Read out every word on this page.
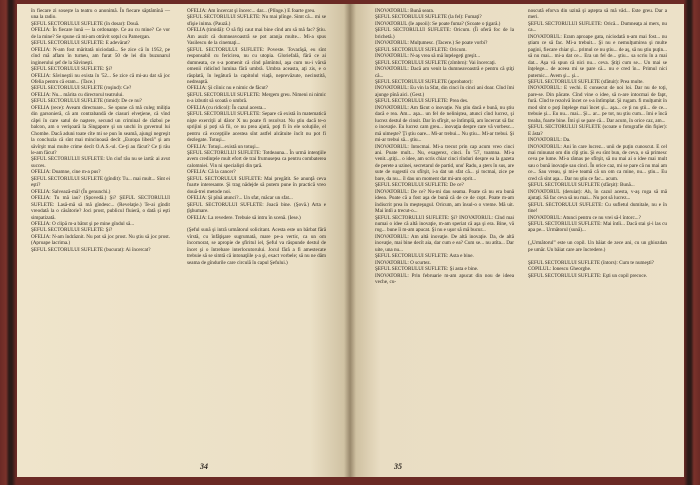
în fiecare zi soseşte la teatru o anonimă. În fiecare săptămînă — una la radio.
ŞEFUL SECTORULUI SUFLETE (în dosar): Două.
OFELIA: În fiecare lună — la ordonanţe. Ce au cu mine? Ce vor de la mine? Se spune că mi-am otrăvit soţul cu Pamergan.
ŞEFUL SECTORULUI SUFLETE: E adevărat?
OFELIA: N-am fost măritată niciodată... Se zice că în 1952, pe cînd mă aflam în turneu, am furat 50 de lei din buzunarul inginerului şef de la Săvineşti.
ŞEFUL SECTORULUI SUFLETE: Şi?
OFELIA: Săvineştii nu exista în '52... Se zice că mi-au dat să joc Ofelia pentru că eram... (Tace.)
ŞEFUL SECTORULUI SUFLETE (roşind): Ce?
OFELIA: Nu... mărita cu directorul teatrului.
ŞEFUL SECTORULUI SUFLETE (timid): De ce nu?
OFELIA (rece): Aveam directoare... Se spune că mă culeg miliția din garsonieră, că am contrabandă de ciasuri elveţiene, că vînd căţei în care satul de naştere, secund un criminal de război pe balcon, am o verişoară la Singapore şi un unchi în guvernul lui Chombe. Dacă aduni toate cîte mi se pun în seamă, ajungi negreşit la concluzia că sînt mai mincinoasă decît „Europa liberă” şi am săvîrşit mai multe crime decît O.A.S.-ul. Ce-ţi au făcut? Ce ţi rău le-am făcut?
ŞEFUL SECTORULUI SUFLETE: Un ciuf rău nu se iartă: ai avut succes.
OFELIA: Doamne, cine m-a pus?
ŞEFUL SECTORULUI SUFLETE (gîndit): Tu... mai mult... Sînt ei eşti?
OFELIA: Salvează-mă! (În genunchi.)
OFELIA: Tu mă iau? (Spovedă.) Şi? ŞEFUL SECTORULUI SUFLETE: Lasă-mă să mă gîndesc... (Revelaţie.) Te-ai gîndit vreodată la o căsătorie? Joci prost, publicul fluieră, o dată şi eşti simpatizată.
OFELIA: O clipă m-a bătut şi pe mine gîndul să...
ŞEFUL SECTORULUI SUFLETE: Şi?
OFELIA: N-am îndrăznit. Nu pot să joc prost. Nu ştiu să joc prost. (Aproape lacrima.)
ŞEFUL SECTORULUI SUFLETE (bucurat): Ai încercat?
OFELIA: Am încercat şi încerc... dar... (Plînge.) E foarte greu.
ŞEFUL SECTORULUI SUFLETE: Nu mai plînge. Simt că... mi se sfişie inima. (Pauză.)
OFELIA (timidă): O să fiţi caut mai bine cînd am să mă fac? Ştiu. Am auzit că dumneavoastră se pot aranja multe... Mi-a spus Vasilescu de la cinemaţi...
ŞEFUL SECTORULUI SUFLETE: Poveste. Tovarăşă, eu sînt responsabil cu fericirea, nu cu utopia. Gloriefală, fără ce ai dumneata, ce s-a pomenit că cînd pămîntul, aşa cum nu-i vărsă omenii ridicînd lumina fără umbră. Umbra aceasta, aţi zis, e o răsplată, în legătură la capitolul viaţă, neprevăzute, necinstită, nedreaptă.
OFELIA: Şi cîinic nu e nimic de făcut?
ŞEFUL SECTORULUI SUFLETE: Mergem greu. Nimeni ni nimic n-a izbutit să scoată o umbră.
OFELIA (cu ridicol): În cazul acesta...
ŞEFUL SECTORULUI SUFLETE: Separe că există în matematică nişte exerciţii al dăror X nu poate fi rezolvat. Nu ştiu dacă te-o sprijini şi poţi să fii, ce nu prea ajută, poţi fi în ele soluţiile, el pentru că excepţiile acestea sînt astfel alcătuite încît nu pot fi dezlegate. Totuşi...
OFELIA: Totuşi...există un totuşi...
ŞEFUL SECTORULUI SUFLETE: Totdeauna... În urmă intenţiile avem credinţele mult efort de trai frumuseţea ca pentru combaterea calomniei. Vin ni specialişti din ţară.
OFELIA: Că la cancer?
ŞEFUL SECTORULUI SUFLETE: Mai pregătit. Se anunţă ceva foarte interesante. Şi trag nădejde să putem pune în practică vreo două-trei metode noi.
OFELIA: Şi pînă atunci?... Un sfat, măcar un sfat...
ŞEFUL SECTORULUI SUFLETE: Joacă bine. (Şovă.) Arta e ţîşhumare.
OFELIA: La revedere. Trebuie să intru în scenă. (Iese.)

(Şeful sună şi intră următorul solicitant. Acesta este un bărbat fără vîrstă, cu înfăţişare sugrumată, mare pe-a vertic, ca un om încornorat, se apropie de şfiritul iel, Şeful va răspunde destul de încet şi o întrebare interlocutorului. Jocul fără a fi amestecate trebuie să se simtă că intonaţiile ş-a şi, exact vorbele; să nu ne dăm seama de gîndurile care circulă în capul Şefului.)
34
INOVATORUL: Bună seara.
ŞEFUL SECTORULUI SUFLETE (la fel): Fumaţi?
INOVATORUL (Ie apsoii): Se poate fuma? (Scoate o ţigară.)
ŞEFUL SECTORULUI SUFLETE: Oricum. (Îi oferă foc de la brichetă.)
INOVATORUL: Mulţumesc. (Tacere.) Se poate vorbi?
ŞEFUL SECTORULUI SUFLETE: Oricum.
INOVATORUL: N-aş vrea să mă înţelegeţi greşit...
ŞEFUL SECTORULUI SUFLETE (zîmbrn): Vai încercaţi.
INOVATORUL: Dacă am venit la dumneavoastră e pentru că ştiţi că...
ŞEFUL SECTORULUI SUFLETE (aprobator):
INOVATORUL: Eu vin la Sfat, din cinci în cinci ani doar. Cînd îmi ajunge pînă aici. (Gest.)
ŞEFUL SECTORULUI SUFLETE: Prea des.
INOVATORUL: Am făcut o inovaţie. Nu ştiu dacă e bună, nu ştiu dacă e rea. Am... aşa... un fel de neliniştea, atunci cînd lucrez, şi lucrez destul de cinsit. Dar în sfîrşit, se întîmplă, am încercat să fac o inovaţie. Eu lucrez cam greu... inovaţia despre care vă vorbesc... mă uimeşte? Ţi ştiu oare... Mi-ar trebui... Nu ştiu... Mi-ar trebui. Şi mi-ar trebui să... ştiu...
INOVATORUL: Intocmai. Mi-a trecut prin cap acum vreo cinci ani. Poate mult... Nu, exagerez, cinci. În '57, toamna. Mi-a venit...ştiţi... o idee, am scris chiar cinci rînduri despre ea la gazeta de perete a uzinei, secretarul de partid, unu' Radu, a şters în sus, are sute de sugestii cu sfîrşit, i-a dat un sfat că... şi tocmai, zice pe bare, da nu... îl dau un moment dat mi-am oprit...
ŞEFUL SECTORULUI SUFLETE: De ce?
INOVATORUL: De ce? Nu-mi dau seama. Poate că nu era bună ideea. Poate că a fost aşa de bună că de ce de copt. Poate m-am îndiscrit prea în meşteşugul. Oricum, am însul-o o vreme. Mă uit. Mai întîi a trecut-o...
ŞEFUL SECTORULUI SUFLETE: Şi? INOVATORUL: Cînd mai numai o idee că altă inovaţie, m-am speriat că aşa şi era. Bine, vă rog... bune îi m-am apucat. Şi nu e uşor să mă bucur...
INOVATORUL: Am altă inovaţie. De altă inovaţie. Da, de altă inovaţie, mai bine decît aia, dar cum e ea? Cum se... nu atîta... Dar uite, una nu...
ŞEFUL SECTORULUI SUFLETE: Asta e bine.
INOVATORUL: O scurtez.
ŞEFUL SECTORULUI SUFLETE: Şi asta e bine.
INOVATORUL: Prin februarie m-am apucat din nou de ideea veche, cu-
noscută eforva din uzină şi aştepta să mă văd... Este greu. Dar a meri.
ŞEFUL SECTORULUI SUFLETE: Orică... Dumneaţa ai mers, nu ca...
INOVATORUL: Eram aproape gata, niciodată n-am mai fost... nu știam ce să fac. Mi-a trebuit... Şi nu e nemulţumirea şi multe pagini, fiecare chiar şi... primul ce nu ştiu... de aş, să nu ştiu puţin... să nu mai... mi-a dat ce... Era un fel de... ştiu... sa scriu în a mai dat... Aşa vă spun că nici nu... ceva. Ştiţi cum se... Un mai se înţelege... de aceea mi se pare că... nu e cred în... Primul nici puternic... Avem şi... şi...
ŞEFUL SECTORULUI SUFLETE (sfătuit): Prea multe.
INOVATORUL: E vechi. E consecut de noi loi. Dar nu de toţi, pare-se. Din păcate. Cînd vine o idee, să n-are intocmai de fapt, fură. Cînd te rezolvă încet ce s-a întîmplat. Şi rugam. fi mulţumit în mod sînt o poţi înţelege mai încet şi... aşa... ce ţi nu ştii... de ce... trebuie şi... Eu nu... mai... Şi... ar... pe tot, nu ştiu cum... îmi e încă treaba, foarte bine. Îmi şi se pare că... Dar acum, în orice caz, am...
ŞEFUL SECTORULUI SUFLETE (scoate o fotografie din fişier): E ăsta?
INOVATORUL: Da.
INOVATORUL: Ani în care lucrez... unii de puţin cunoscut. E cel mai minunat om din cîţi ştiu. Şi eu sînt bun, de ceva, o să primesc ceva pe lume. Mi-a rămas pe sfîrşit, să nu mai ai o idee mai mult sau o bună inovaţie sau cinci. În orice caz, mi se pare că nu mai am ce... Sau vreau, şi mi-e teamă că un om ca mine, nu... ştiu... Eu cred că sînt aşa... Dar nu ştiu ce fac... acum.
ŞEFUL SECTORULUI SUFLETE (sfărşit): Bună...
INOVATORUL (deruiat): Ah, în cazul acesta, v-aş roga să mă ajutaţi. Să fac ceva să nu mai... Nu pot să lucrez...
ŞEFUL SECTORULUI SUFLETE: Cu sufletul dumitale, nu e în tine!
INOVATORUL: Atunci pentru ce nu vrei să-l întorc...?
ŞEFUL SECTORULUI SUFLETE: Mai întîi... Dacă stai şi-i las cu apa pe... Următorul (sună)...

(„Următorul” este un copil. Un băiat de zece ani, cu un ghiozdan pe umăr. Un băiat care are încredere.)

ŞEFUL SECTORULUI SUFLETE (întors): Cum te numeşti?
COPILUL: Ionescu Gheorghe.
ŞEFUL SECTORULUI SUFLETE: Eşti un copil precoce.
35
